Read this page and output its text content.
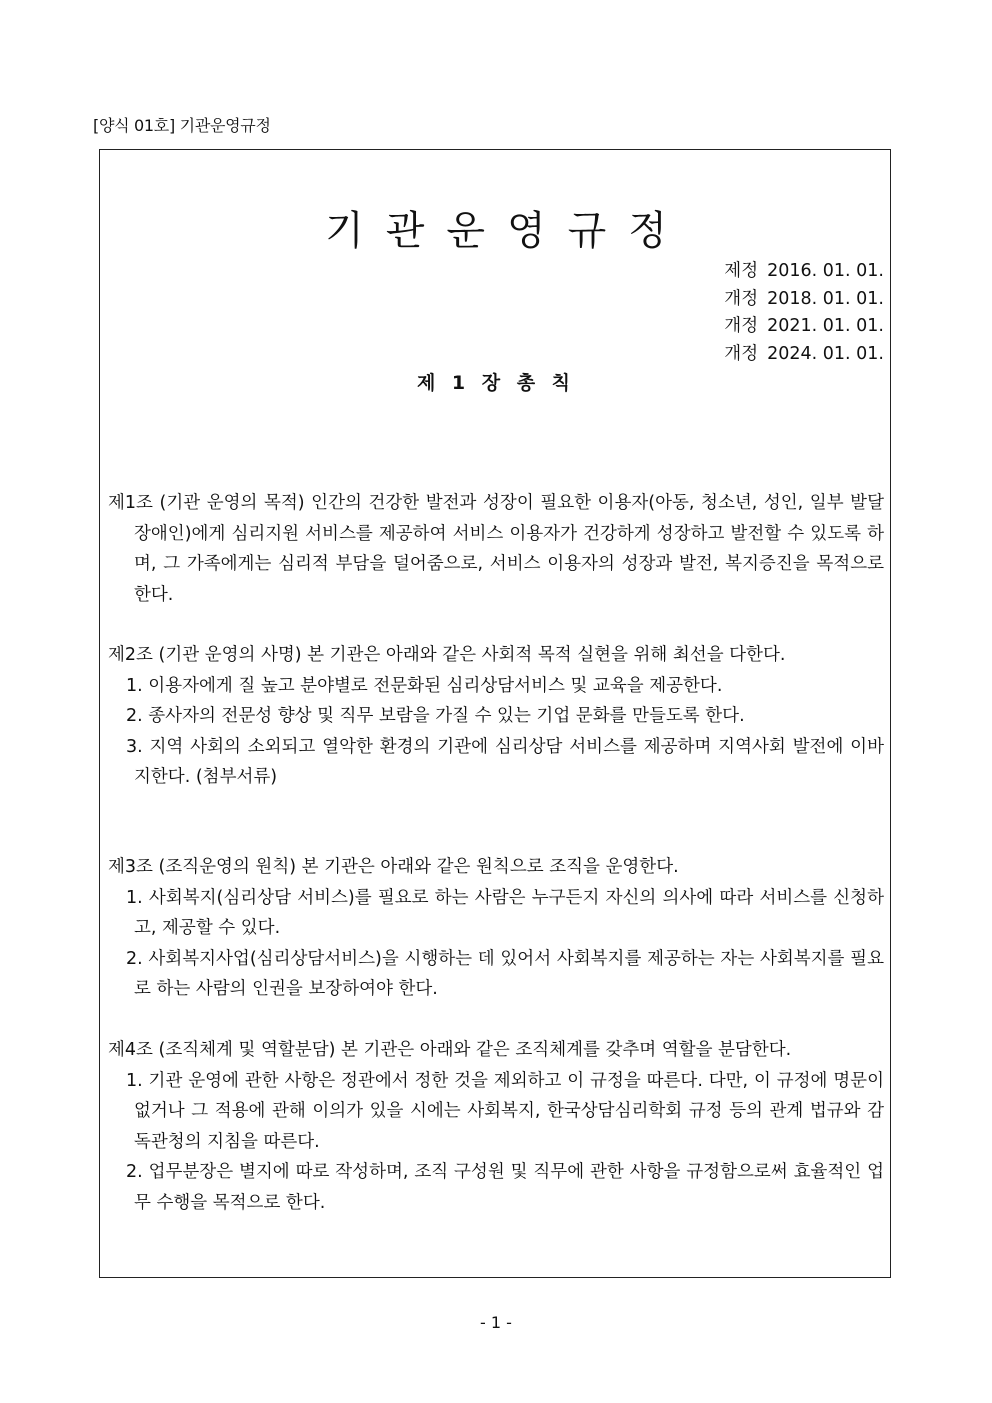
[양식 01호] 기관운영규정
기관운영규정
제정 2016. 01. 01.
개정 2018. 01. 01.
개정 2021. 01. 01.
개정 2024. 01. 01.
제 1 장 총 칙

제1조 (기관 운영의 목적) 인간의 건강한 발전과 성장이 필요한 이용자(아동, 청소년, 성인, 일부 발달장애인)에게 심리지원 서비스를 제공하여 서비스 이용자가 건강하게 성장하고 발전할 수 있도록 하며, 그 가족에게는 심리적 부담을 덜어줌으로, 서비스 이용자의 성장과 발전, 복지증진을 목적으로 한다.

제2조 (기관 운영의 사명) 본 기관은 아래와 같은 사회적 목적 실현을 위해 최선을 다한다.

1. 이용자에게 질 높고 분야별로 전문화된 심리상담서비스 및 교육을 제공한다.

2. 종사자의 전문성 향상 및 직무 보람을 가질 수 있는 기업 문화를 만들도록 한다.

3. 지역 사회의 소외되고 열악한 환경의 기관에 심리상담 서비스를 제공하며 지역사회 발전에 이바지한다. (첨부서류)

제3조 (조직운영의 원칙) 본 기관은 아래와 같은 원칙으로 조직을 운영한다.

1. 사회복지(심리상담 서비스)를 필요로 하는 사람은 누구든지 자신의 의사에 따라 서비스를 신청하고, 제공할 수 있다.

2. 사회복지사업(심리상담서비스)을 시행하는 데 있어서 사회복지를 제공하는 자는 사회복지를 필요로 하는 사람의 인권을 보장하여야 한다.

제4조 (조직체계 및 역할분담) 본 기관은 아래와 같은 조직체계를 갖추며 역할을 분담한다.

1. 기관 운영에 관한 사항은 정관에서 정한 것을 제외하고 이 규정을 따른다. 다만, 이 규정에 명문이 없거나 그 적용에 관해 이의가 있을 시에는 사회복지, 한국상담심리학회 규정 등의 관계 법규와 감독관청의 지침을 따른다.

2. 업무분장은 별지에 따로 작성하며, 조직 구성원 및 직무에 관한 사항을 규정함으로써 효율적인 업무 수행을 목적으로 한다.

- 1 -
